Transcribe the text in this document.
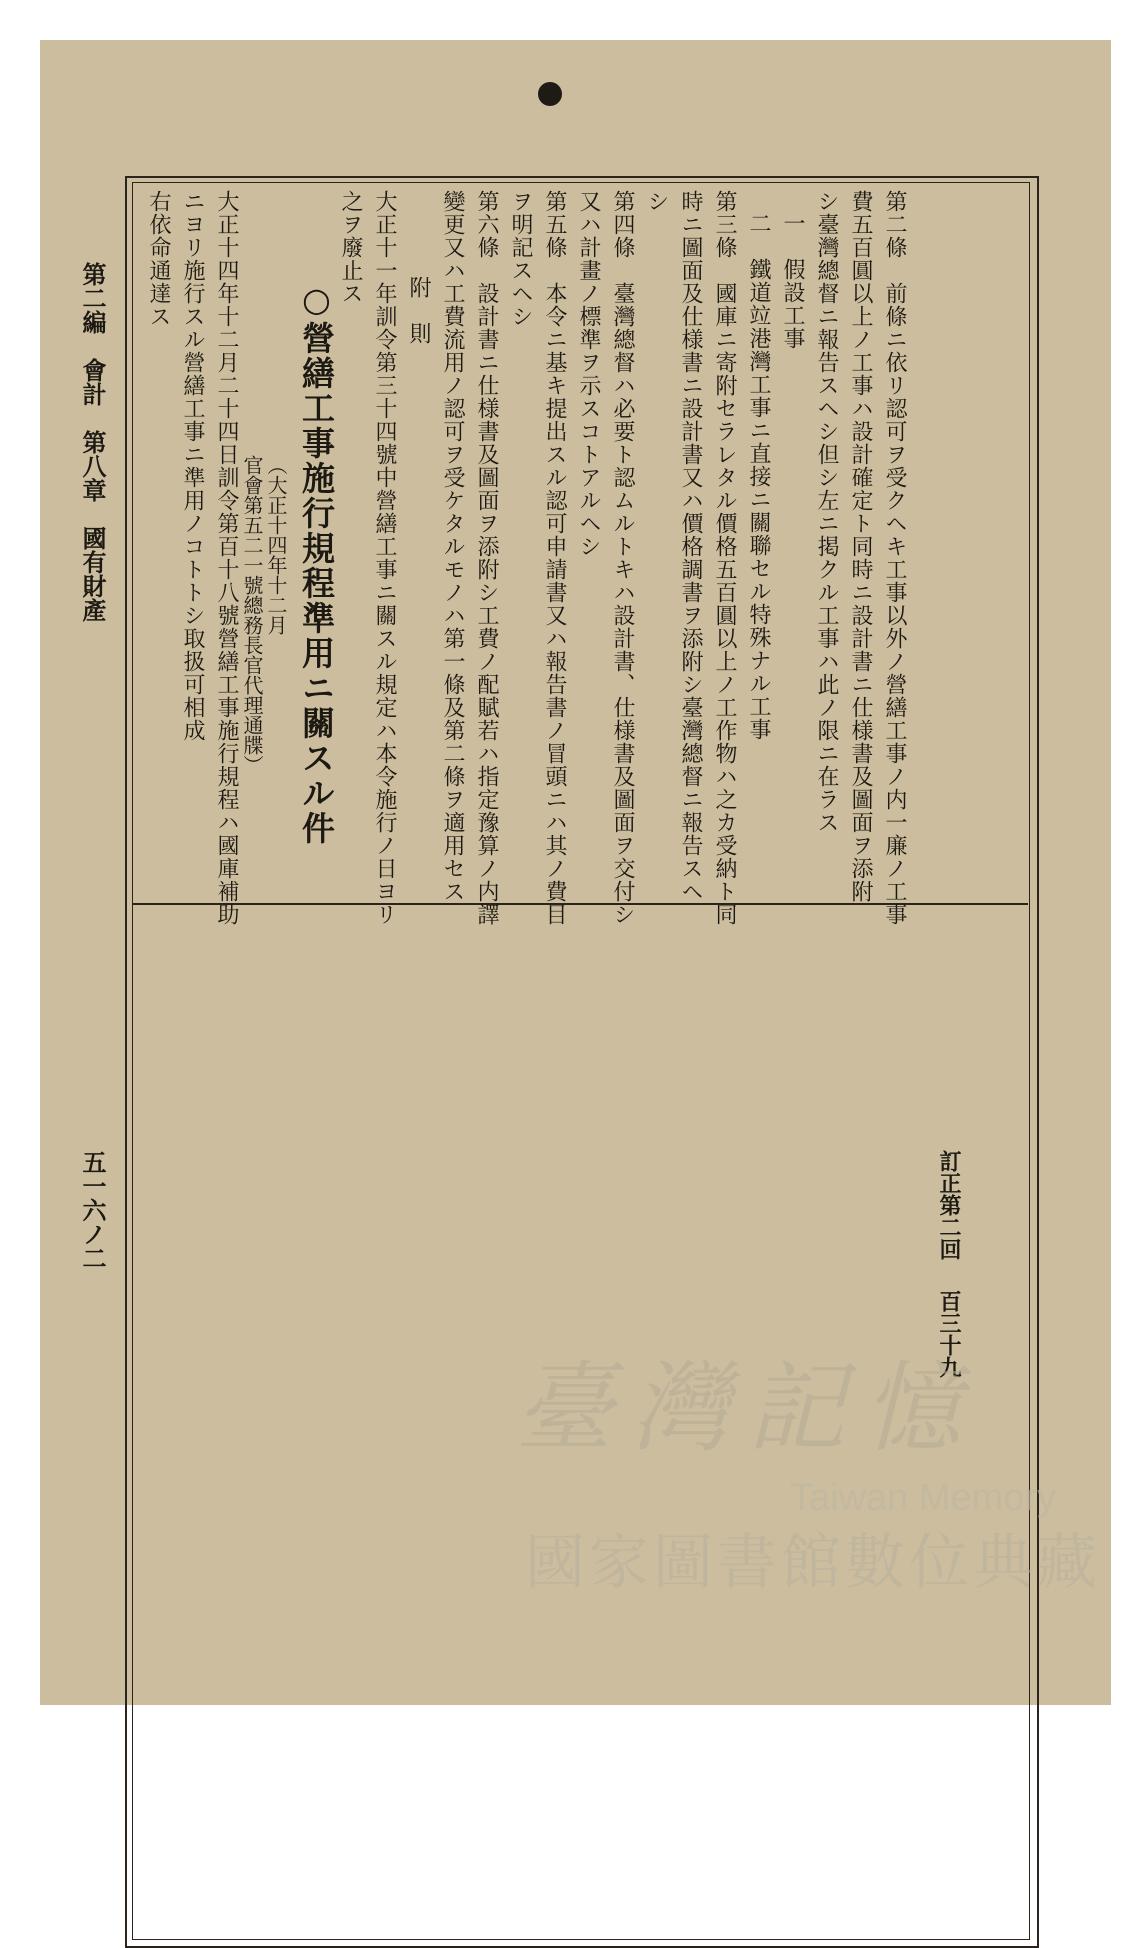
第二編　會計　第八章　國有財產
五一六ノ二	訂正第二回
百三十九
第二條　前條ニ依リ認可ヲ受クヘキ工事以外ノ營繕工事ノ内一廉ノ工事
費五百圓以上ノ工事ハ設計確定ト同時ニ設計書ニ仕様書及圖面ヲ添附
シ臺灣總督ニ報告スヘシ但シ左ニ掲クル工事ハ此ノ限ニ在ラス
一　假設工事
二　鐵道竝港灣工事ニ直接ニ關聯セル特殊ナル工事
第三條　國庫ニ寄附セラレタル價格五百圓以上ノ工作物ハ之カ受納ト同
時ニ圖面及仕様書ニ設計書又ハ價格調書ヲ添附シ臺灣總督ニ報告スヘ
シ
第四條　臺灣總督ハ必要ト認ムルトキハ設計書、仕様書及圖面ヲ交付シ
又ハ計畫ノ標準ヲ示スコトアルヘシ
第五條　本令ニ基キ提出スル認可申請書又ハ報告書ノ冒頭ニハ其ノ費目
ヲ明記スヘシ
第六條　設計書ニ仕様書及圖面ヲ添附シ工費ノ配賦若ハ指定豫算ノ内譯
變更又ハ工費流用ノ認可ヲ受ケタルモノハ第一條及第二條ヲ適用セス
附　則
大正十一年訓令第三十四號中營繕工事ニ關スル規定ハ本令施行ノ日ヨリ
之ヲ廢止ス
○營繕工事施行規程準用ニ關スル件
（大正十四年十二月
官會第五二一號總務長官代理通牒）
大正十四年十二月二十四日訓令第百十八號營繕工事施行規程ハ國庫補助
ニヨリ施行スル營繕工事ニ準用ノコトトシ取扱可相成
右依命通達ス
臺灣記憶
Taiwan Memory
國家圖書館數位典藏
